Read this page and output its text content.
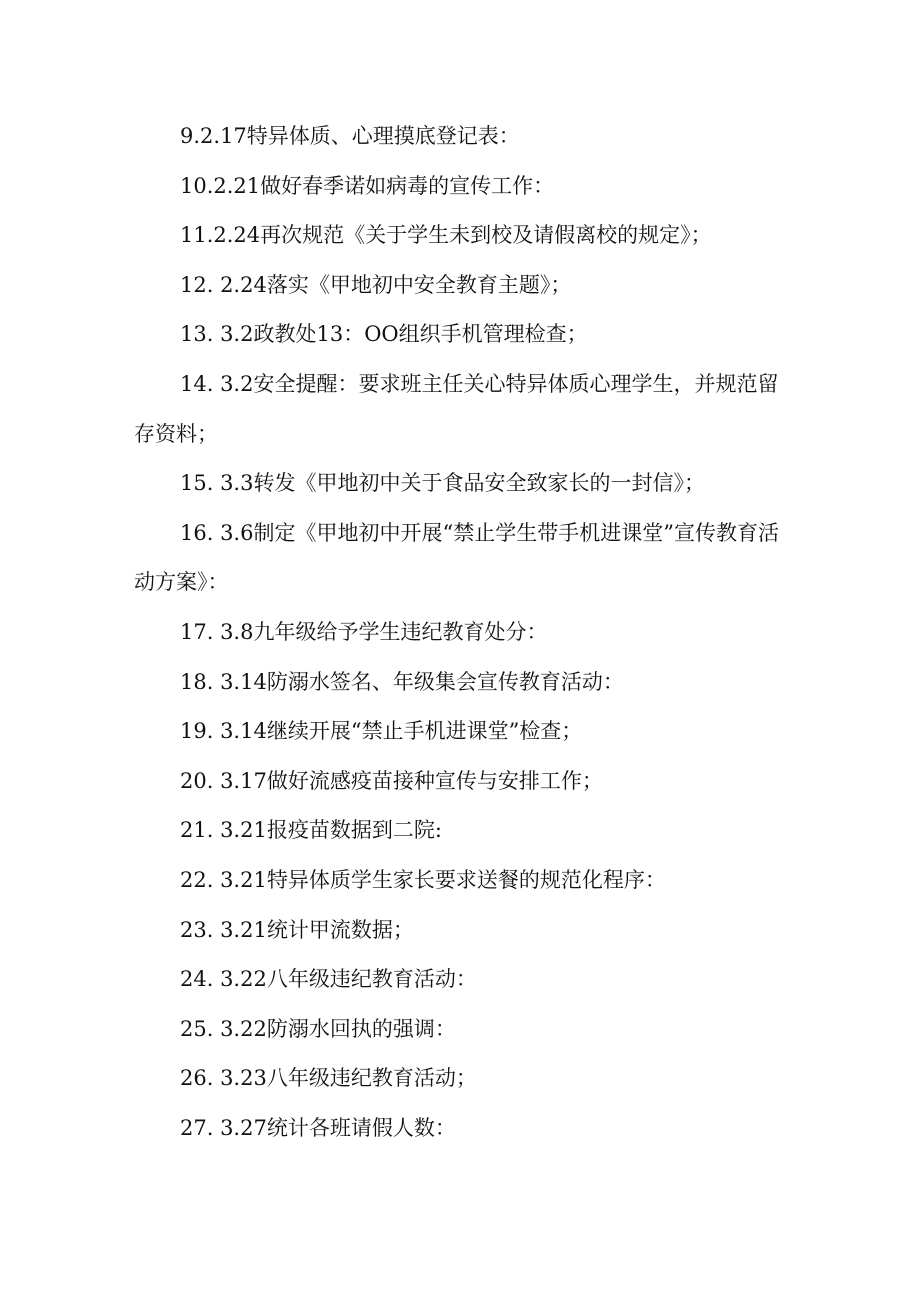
9.2.17特异体质、心理摸底登记表：

10.2.21做好春季诺如病毒的宣传工作：

11.2.24再次规范《关于学生未到校及请假离校的规定》；

12. 2.24落实《甲地初中安全教育主题》；

13. 3.2政教处13：OO组织手机管理检查；

14. 3.2安全提醒：要求班主任关心特异体质心理学生，并规范留存资料；

15. 3.3转发《甲地初中关于食品安全致家长的一封信》；

16. 3.6制定《甲地初中开展“禁止学生带手机进课堂”宣传教育活动方案》：

17. 3.8九年级给予学生违纪教育处分：

18. 3.14防溺水签名、年级集会宣传教育活动：

19. 3.14继续开展“禁止手机进课堂”检查；

20. 3.17做好流感疫苗接种宣传与安排工作；

21. 3.21报疫苗数据到二院:

22. 3.21特异体质学生家长要求送餐的规范化程序：

23. 3.21统计甲流数据；

24. 3.22八年级违纪教育活动：

25. 3.22防溺水回执的强调：

26. 3.23八年级违纪教育活动；

27. 3.27统计各班请假人数：
